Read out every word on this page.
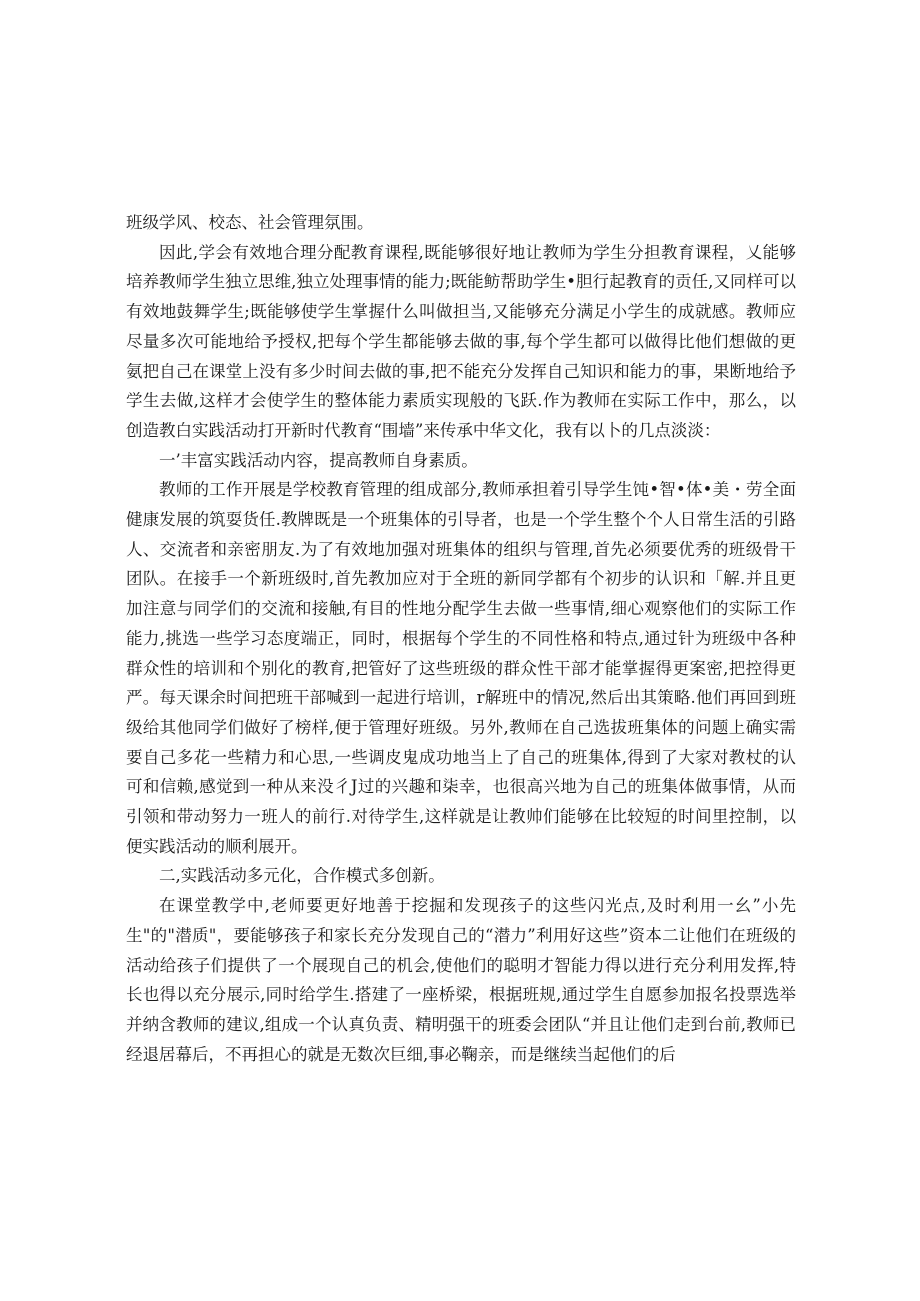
班级学风、校态、社会管理氛围。

因此,学会有效地合理分配教育课程,既能够很好地让教师为学生分担教育课程，乂能够培养教师学生独立思维,独立处理事情的能力;既能鲂帮助学生•胆行起教育的贡任,又同样可以有效地鼓舞学生;既能够使学生掌握什么叫做担当,又能够充分满足小学生的成就感。教师应尽量多次可能地给予授权,把每个学生都能够去做的事,每个学生都可以做得比他们想做的更氨把自己在课堂上没有多少时间去做的事,把不能充分发挥自己知识和能力的事，果断地给予学生去做,这样才会使学生的整体能力素质实现般的飞跃.作为教师在实际工作中，那么，以创造教白实践活动打开新时代教育“围墙”来传承中华文化，我有以卜的几点淡淡：

一’丰富实践活动内容，提高教师自身素质。

教师的工作开展是学校教育管理的组成部分,教师承担着引导学生饨•智•体•美・劳全面健康发展的筑耍货任.教牌既是一个班集体的引导者，也是一个学生整个个人日常生活的引路人、交流者和亲密朋友.为了有效地加强对班集体的组织与管理,首先必须要优秀的班级骨干团队。在接手一个新班级时,首先教加应对于全班的新同学都有个初步的认识和「解.并且更加注意与同学们的交流和接触,有目的性地分配学生去做一些事情,细心观察他们的实际工作能力,挑选一些学习态度端正，同时，根据每个学生的不同性格和特点,通过针为班级中各种群众性的培训和个别化的教育,把管好了这些班级的群众性干部才能掌握得更案密,把控得更严。每天课余时间把班干部喊到一起进行培训，r解班中的情况,然后出其策略.他们再回到班级给其他同学们做好了榜样,便于管理好班级。另外,教师在自己选拔班集体的问题上确实需要自己多花一些精力和心思,一些调皮鬼成功地当上了自己的班集体,得到了大家对教杖的认可和信赖,感觉到一种从来没彳J过的兴趣和柒幸，也很高兴地为自己的班集体做事情，从而引领和带动努力一班人的前行.对待学生,这样就是让教帅们能够在比较短的时间里控制，以便实践活动的顺利展开。

二,实践活动多元化，合作模式多创新。

在课堂教学中,老师要更好地善于挖掘和发现孩子的这些闪光点,及时利用一幺”小先生"的"潜质"，要能够孩子和家长充分发现自己的“潜力”利用好这些”资本二让他们在班级的活动给孩子们提供了一个展现自己的机会,使他们的聪明才智能力得以进行充分利用发挥,特长也得以充分展示,同时给学生.搭建了一座桥梁，根据班规,通过学生自愿参加报名投票选举并纳含教师的建议,组成一个认真负责、精明强干的班委会团队“并且让他们走到台前,教师已经退居幕后，不再担心的就是无数次巨细,事必鞠亲，而是继续当起他们的后
